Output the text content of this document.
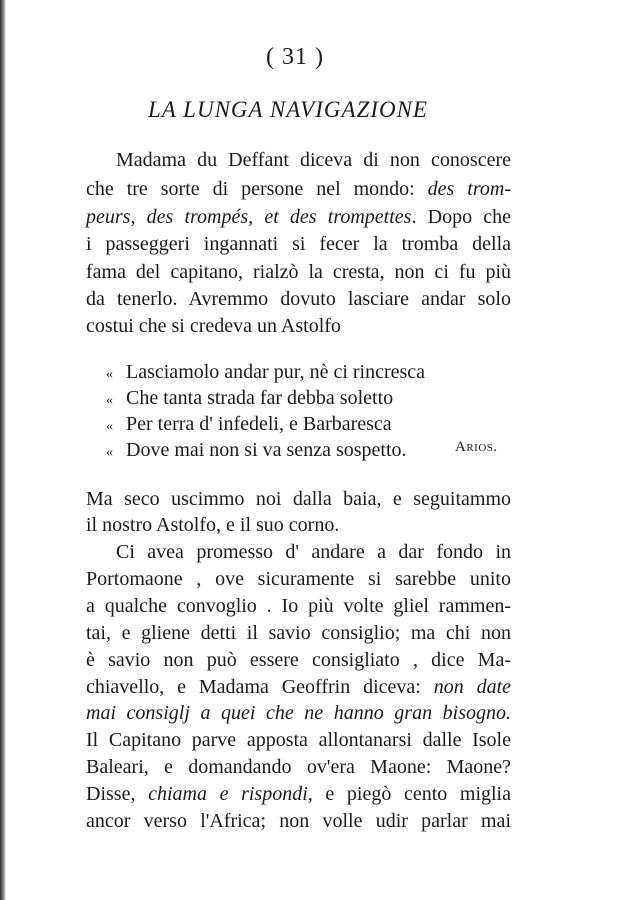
( 31 )
LA LUNGA NAVIGAZIONE
Madama du Deffant diceva di non conoscere
che tre sorte di persone nel mondo: des trom-
peurs, des trompés, et des trompettes. Dopo che
i passeggeri ingannati si fecer la tromba della
fama del capitano, rialzò la cresta, non ci fu più
da tenerlo. Avremmo dovuto lasciare andar solo
costui che si credeva un Astolfo
« Lasciamolo andar pur, nè ci rincresca
« Che tanta strada far debba soletto
« Per terra d' infedeli, e Barbaresca
« Dove mai non si va senza sospetto.	Arios.
Ma seco uscimmo noi dalla baia, e seguitammo
il nostro Astolfo, e il suo corno.
Ci avea promesso d' andare a dar fondo in
Portomaone , ove sicuramente si sarebbe unito
a qualche convoglio . Io più volte gliel rammen-
tai, e gliene detti il savio consiglio; ma chi non
è savio non può essere consigliato , dice Ma-
chiavello, e Madama Geoffrin diceva: non date
mai consiglj a quei che ne hanno gran bisogno.
Il Capitano parve apposta allontanarsi dalle Isole
Baleari, e domandando ov'era Maone: Maone?
Disse, chiama e rispondi, e piegò cento miglia
ancor verso l'Africa; non volle udir parlar mai
